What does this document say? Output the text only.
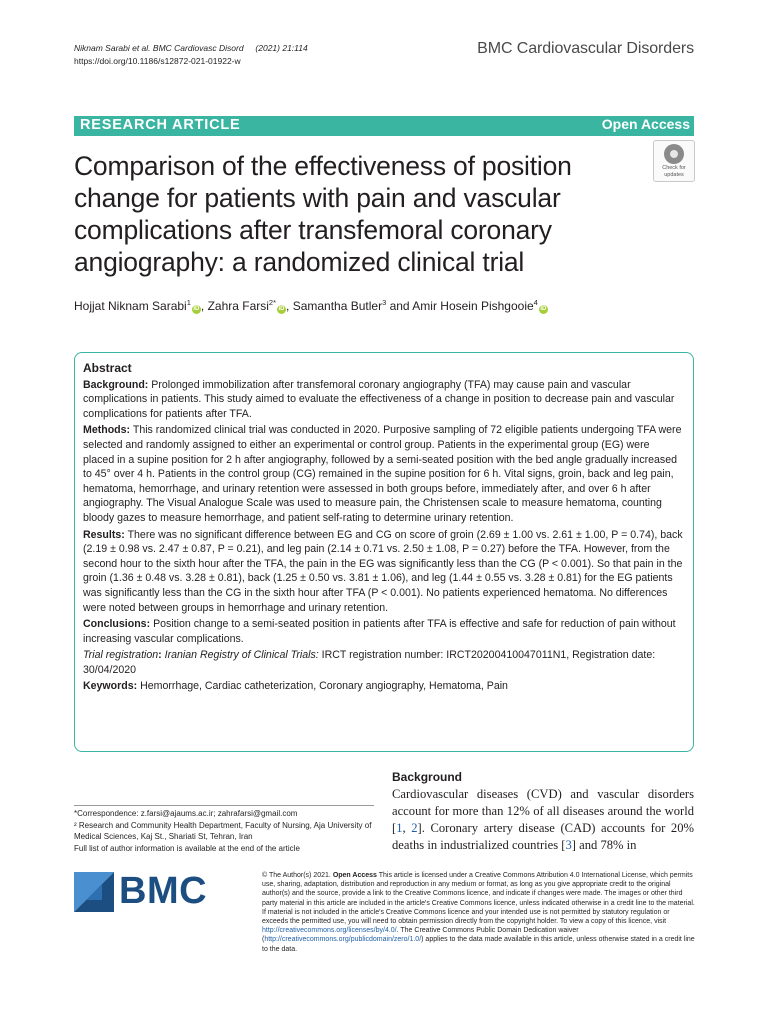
Niknam Sarabi et al. BMC Cardiovasc Disord (2021) 21:114
https://doi.org/10.1186/s12872-021-01922-w
BMC Cardiovascular Disorders
RESEARCH ARTICLE	Open Access
Check for
updates
Comparison of the effectiveness of position change for patients with pain and vascular complications after transfemoral coronary angiography: a randomized clinical trial
Hojjat Niknam Sarabi$^1$iD , Zahra Farsi$^{2*}$iD , Samantha Butler$^3$ and Amir Hosein Pishgooie$^4$iD
Abstract

Background: Prolonged immobilization after transfemoral coronary angiography (TFA) may cause pain and vascular complications in patients. This study aimed to evaluate the effectiveness of a change in position to decrease pain and vascular complications for patients after TFA.

Methods: This randomized clinical trial was conducted in 2020. Purposive sampling of 72 eligible patients undergoing TFA were selected and randomly assigned to either an experimental or control group. Patients in the experimental group (EG) were placed in a supine position for 2 h after angiography, followed by a semi-seated position with the bed angle gradually increased to 45° over 4 h. Patients in the control group (CG) remained in the supine position for 6 h. Vital signs, groin, back and leg pain, hematoma, hemorrhage, and urinary retention were assessed in both groups before, immediately after, and over 6 h after angiography. The Visual Analogue Scale was used to measure pain, the Christensen scale to measure hematoma, counting bloody gazes to measure hemorrhage, and patient self-rating to determine urinary retention.

Results: There was no significant difference between EG and CG on score of groin (2.69 ± 1.00 vs. 2.61 ± 1.00, P = 0.74), back (2.19 ± 0.98 vs. 2.47 ± 0.87, P = 0.21), and leg pain (2.14 ± 0.71 vs. 2.50 ± 1.08, P = 0.27) before the TFA. However, from the second hour to the sixth hour after the TFA, the pain in the EG was significantly less than the CG (P < 0.001). So that pain in the groin (1.36 ± 0.48 vs. 3.28 ± 0.81), back (1.25 ± 0.50 vs. 3.81 ± 1.06), and leg (1.44 ± 0.55 vs. 3.28 ± 0.81) for the EG patients was significantly less than the CG in the sixth hour after TFA (P < 0.001). No patients experienced hematoma. No differences were noted between groups in hemorrhage and urinary retention.

Conclusions: Position change to a semi-seated position in patients after TFA is effective and safe for reduction of pain without increasing vascular complications.

Trial registration: Iranian Registry of Clinical Trials: IRCT registration number: IRCT20200410047011N1, Registration date: 30/04/2020

Keywords: Hemorrhage, Cardiac catheterization, Coronary angiography, Hematoma, Pain

*Correspondence: z.farsi@ajaums.ac.ir; zahrafarsi@gmail.com
² Research and Community Health Department, Faculty of Nursing, Aja University of Medical Sciences, Kaj St., Shariati St, Tehran, Iran
Full list of author information is available at the end of the article
Background
Cardiovascular diseases (CVD) and vascular disorders account for more than 12% of all diseases around the world [1, 2]. Coronary artery disease (CAD) accounts for 20% deaths in industrialized countries [3] and 78% in
BMC	© The Author(s) 2021. Open Access This article is licensed under a Creative Commons Attribution 4.0 International License, which permits use, sharing, adaptation, distribution and reproduction in any medium or format, as long as you give appropriate credit to the original author(s) and the source, provide a link to the Creative Commons licence, and indicate if changes were made. The images or other third party material in this article are included in the article's Creative Commons licence, unless indicated otherwise in a credit line to the material. If material is not included in the article's Creative Commons licence and your intended use is not permitted by statutory regulation or exceeds the permitted use, you will need to obtain permission directly from the copyright holder. To view a copy of this licence, visit http://creativecommons.org/licenses/by/4.0/. The Creative Commons Public Domain Dedication waiver (http://creativecommons.org/publicdomain/zero/1.0/) applies to the data made available in this article, unless otherwise stated in a credit line to the data.
